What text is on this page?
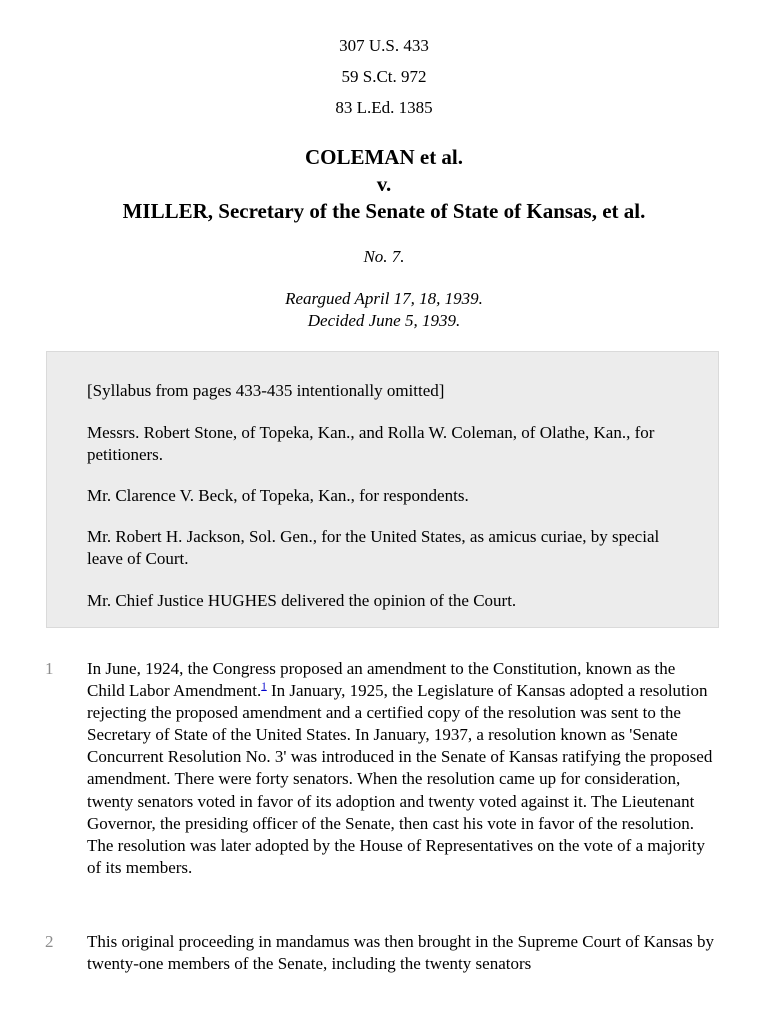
307 U.S. 433
59 S.Ct. 972
83 L.Ed. 1385
COLEMAN et al.
v.
MILLER, Secretary of the Senate of State of Kansas, et al.
No. 7.
Reargued April 17, 18, 1939.
Decided June 5, 1939.

[Syllabus from pages 433-435 intentionally omitted]

Messrs. Robert Stone, of Topeka, Kan., and Rolla W. Coleman, of Olathe, Kan., for petitioners.

Mr. Clarence V. Beck, of Topeka, Kan., for respondents.

Mr. Robert H. Jackson, Sol. Gen., for the United States, as amicus curiae, by special leave of Court.

Mr. Chief Justice HUGHES delivered the opinion of the Court.

1	In June, 1924, the Congress proposed an amendment to the Constitution, known as the Child Labor Amendment.$^1$ In January, 1925, the Legislature of Kansas adopted a resolution rejecting the proposed amendment and a certified copy of the resolution was sent to the Secretary of State of the United States. In January, 1937, a resolution known as 'Senate Concurrent Resolution No. 3' was introduced in the Senate of Kansas ratifying the proposed amendment. There were forty senators. When the resolution came up for consideration, twenty senators voted in favor of its adoption and twenty voted against it. The Lieutenant Governor, the presiding officer of the Senate, then cast his vote in favor of the resolution. The resolution was later adopted by the House of Representatives on the vote of a majority of its members.

2	This original proceeding in mandamus was then brought in the Supreme Court of Kansas by twenty-one members of the Senate, including the twenty senators
